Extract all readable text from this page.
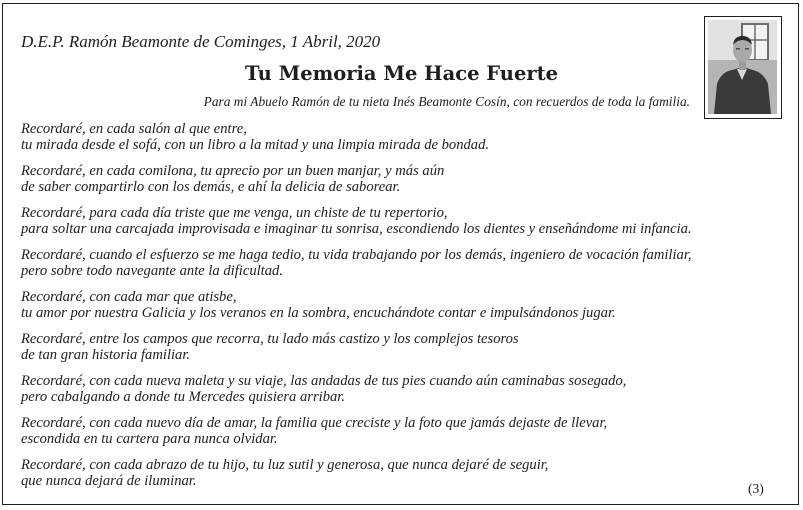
D.E.P. Ramón Beamonte de Cominges, 1 Abril, 2020

Tu Memoria Me Hace Fuerte

Para mi Abuelo Ramón de tu nieta Inés Beamonte Cosín, con recuerdos de toda la familia.

Recordaré, en cada salón al que entre,
tu mirada desde el sofá, con un libro a la mitad y una limpia mirada de bondad.

Recordaré, en cada comilona, tu aprecio por un buen manjar, y más aún
de saber compartirlo con los demás, e ahí la delicia de saborear.

Recordaré, para cada día triste que me venga, un chiste de tu repertorio,
para soltar una carcajada improvisada e imaginar tu sonrisa, escondiendo los dientes y enseñándome mi infancia.

Recordaré, cuando el esfuerzo se me haga tedio, tu vida trabajando por los demás, ingeniero de vocación familiar,
pero sobre todo navegante ante la dificultad.

Recordaré, con cada mar que atisbe,
tu amor por nuestra Galicia y los veranos en la sombra, encuchándote contar e impulsándonos jugar.

Recordaré, entre los campos que recorra, tu lado más castizo y los complejos tesoros
de tan gran historia familiar.

Recordaré, con cada nueva maleta y su viaje, las andadas de tus pies cuando aún caminabas sosegado,
pero cabalgando a donde tu Mercedes quisiera arribar.

Recordaré, con cada nuevo día de amar, la familia que creciste y la foto que jamás dejaste de llevar,
escondida en tu cartera para nunca olvidar.

Recordaré, con cada abrazo de tu hijo, tu luz sutil y generosa, que nunca dejaré de seguir,
que nunca dejará de iluminar.	(3)
